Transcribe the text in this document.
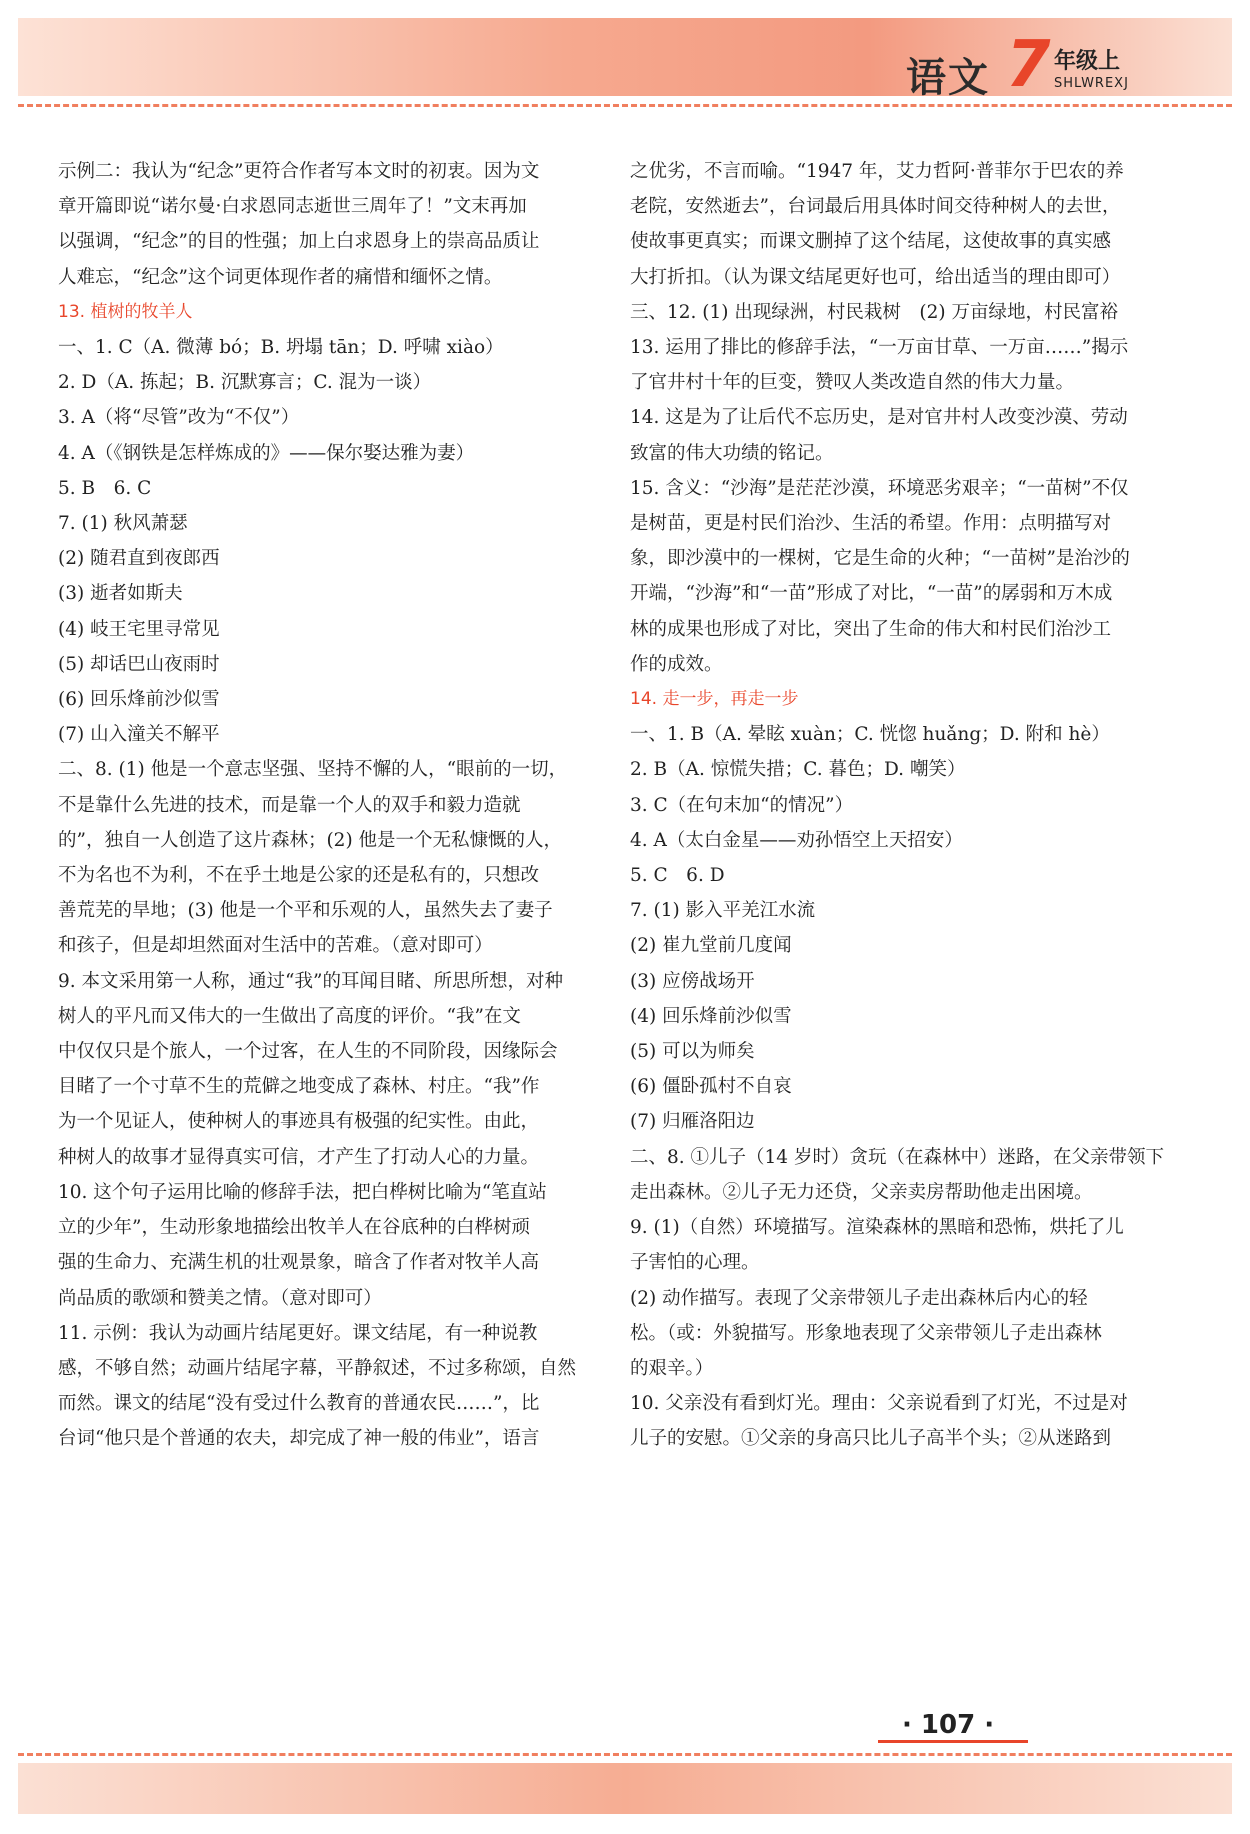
语文 7 年级上
SHLWREXJ

示例二：我认为“纪念”更符合作者写本文时的初衷。因为文

章开篇即说“诺尔曼·白求恩同志逝世三周年了！”文末再加

以强调，“纪念”的目的性强；加上白求恩身上的崇高品质让

人难忘，“纪念”这个词更体现作者的痛惜和缅怀之情。

13. 植树的牧羊人

一、1. C（A. 微薄 bó；B. 坍塌 tān；D. 呼啸 xiào）

2. D（A. 拣起；B. 沉默寡言；C. 混为一谈）

3. A（将“尽管”改为“不仅”）

4. A（《钢铁是怎样炼成的》——保尔娶达雅为妻）

5. B　6. C

7. (1) 秋风萧瑟

(2) 随君直到夜郎西

(3) 逝者如斯夫

(4) 岐王宅里寻常见

(5) 却话巴山夜雨时

(6) 回乐烽前沙似雪

(7) 山入潼关不解平

二、8. (1) 他是一个意志坚强、坚持不懈的人，“眼前的一切，

不是靠什么先进的技术，而是靠一个人的双手和毅力造就

的”，独自一人创造了这片森林；(2) 他是一个无私慷慨的人，

不为名也不为利，不在乎土地是公家的还是私有的，只想改

善荒芜的旱地；(3) 他是一个平和乐观的人，虽然失去了妻子

和孩子，但是却坦然面对生活中的苦难。（意对即可）

9. 本文采用第一人称，通过“我”的耳闻目睹、所思所想，对种

树人的平凡而又伟大的一生做出了高度的评价。“我”在文

中仅仅只是个旅人，一个过客，在人生的不同阶段，因缘际会

目睹了一个寸草不生的荒僻之地变成了森林、村庄。“我”作

为一个见证人，使种树人的事迹具有极强的纪实性。由此，

种树人的故事才显得真实可信，才产生了打动人心的力量。

10. 这个句子运用比喻的修辞手法，把白桦树比喻为“笔直站

立的少年”，生动形象地描绘出牧羊人在谷底种的白桦树顽

强的生命力、充满生机的壮观景象，暗含了作者对牧羊人高

尚品质的歌颂和赞美之情。（意对即可）

11. 示例：我认为动画片结尾更好。课文结尾，有一种说教

感，不够自然；动画片结尾字幕，平静叙述，不过多称颂，自然

而然。课文的结尾“没有受过什么教育的普通农民……”，比

台词“他只是个普通的农夫，却完成了神一般的伟业”，语言

之优劣，不言而喻。“1947 年，艾力哲阿·普菲尔于巴农的养

老院，安然逝去”，台词最后用具体时间交待种树人的去世，

使故事更真实；而课文删掉了这个结尾，这使故事的真实感

大打折扣。（认为课文结尾更好也可，给出适当的理由即可）

三、12. (1) 出现绿洲，村民栽树　(2) 万亩绿地，村民富裕

13. 运用了排比的修辞手法，“一万亩甘草、一万亩……”揭示

了官井村十年的巨变，赞叹人类改造自然的伟大力量。

14. 这是为了让后代不忘历史，是对官井村人改变沙漠、劳动

致富的伟大功绩的铭记。

15. 含义：“沙海”是茫茫沙漠，环境恶劣艰辛；“一苗树”不仅

是树苗，更是村民们治沙、生活的希望。作用：点明描写对

象，即沙漠中的一棵树，它是生命的火种；“一苗树”是治沙的

开端，“沙海”和“一苗”形成了对比，“一苗”的孱弱和万木成

林的成果也形成了对比，突出了生命的伟大和村民们治沙工

作的成效。

14. 走一步，再走一步

一、1. B（A. 晕眩 xuàn；C. 恍惚 huǎng；D. 附和 hè）

2. B（A. 惊慌失措；C. 暮色；D. 嘲笑）

3. C（在句末加“的情况”）

4. A（太白金星——劝孙悟空上天招安）

5. C　6. D

7. (1) 影入平羌江水流

(2) 崔九堂前几度闻

(3) 应傍战场开

(4) 回乐烽前沙似雪

(5) 可以为师矣

(6) 僵卧孤村不自哀

(7) 归雁洛阳边

二、8. ①儿子（14 岁时）贪玩（在森林中）迷路，在父亲带领下

走出森林。②儿子无力还贷，父亲卖房帮助他走出困境。

9. (1)（自然）环境描写。渲染森林的黑暗和恐怖，烘托了儿

子害怕的心理。

(2) 动作描写。表现了父亲带领儿子走出森林后内心的轻

松。（或：外貌描写。形象地表现了父亲带领儿子走出森林

的艰辛。）

10. 父亲没有看到灯光。理由：父亲说看到了灯光，不过是对

儿子的安慰。①父亲的身高只比儿子高半个头；②从迷路到

· 107 ·
